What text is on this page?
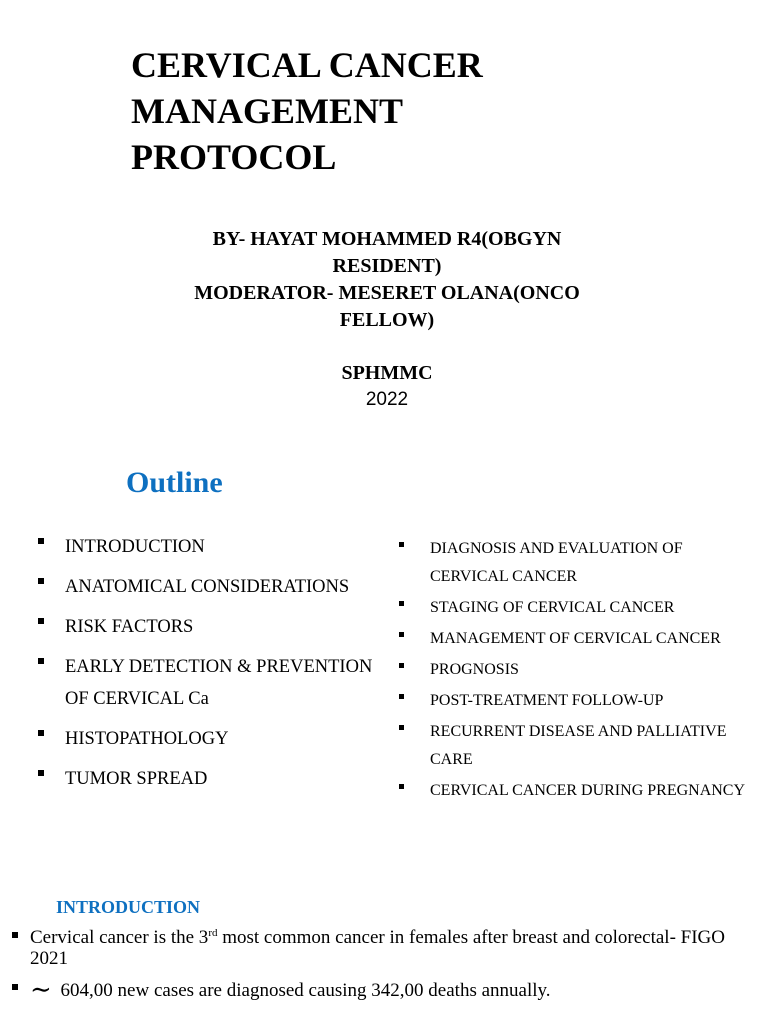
CERVICAL CANCER
MANAGEMENT
PROTOCOL
BY- HAYAT MOHAMMED R4(OBGYN
RESIDENT)
MODERATOR- MESERET OLANA(ONCO
FELLOW)
SPHMMC
2022
Outline
INTRODUCTION
ANATOMICAL CONSIDERATIONS
RISK FACTORS
EARLY DETECTION & PREVENTION OF CERVICAL Ca
HISTOPATHOLOGY
TUMOR SPREAD
DIAGNOSIS AND EVALUATION OF CERVICAL CANCER
STAGING OF CERVICAL CANCER
MANAGEMENT OF CERVICAL CANCER
PROGNOSIS
POST-TREATMENT FOLLOW-UP
RECURRENT DISEASE AND PALLIATIVE CARE
CERVICAL CANCER DURING PREGNANCY
INTRODUCTION
Cervical cancer is the 3rd most common cancer in females after breast and colorectal- FIGO 2021
∼ 604,00 new cases are diagnosed causing 342,00 deaths annually.
